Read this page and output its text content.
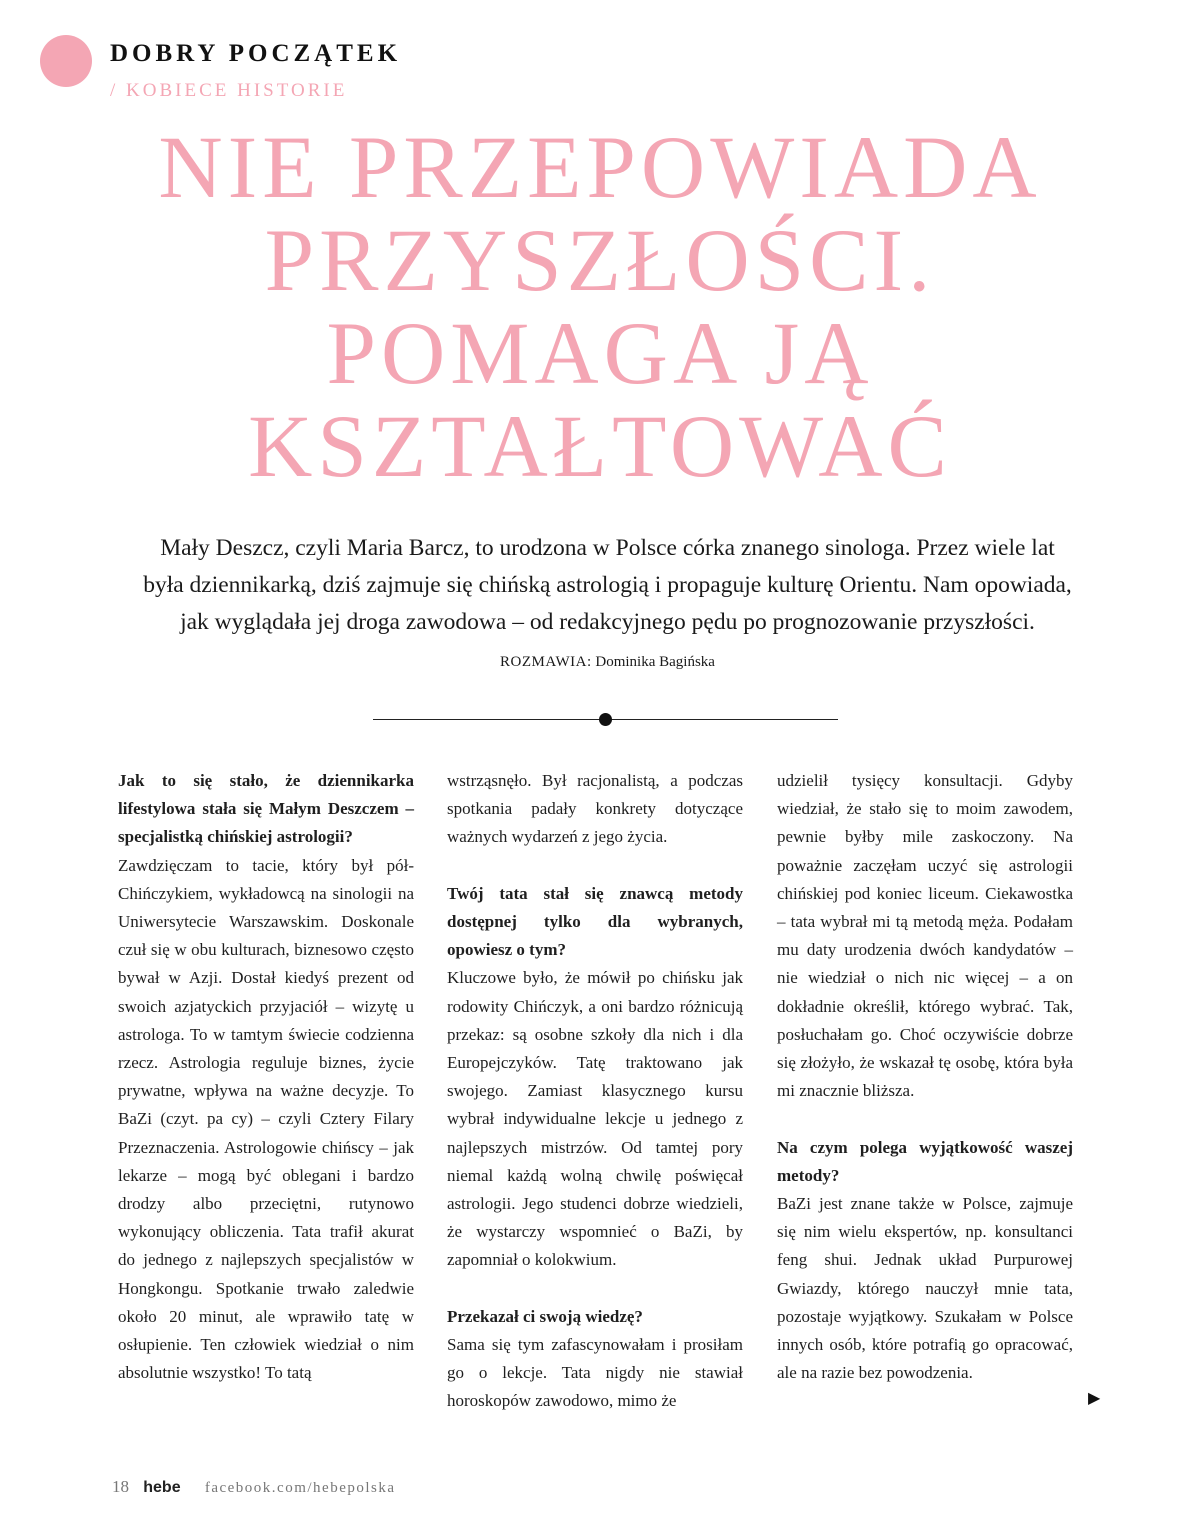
DOBRY POCZĄTEK
/ KOBIECE HISTORIE
NIE PRZEPOWIADA
PRZYSZŁOŚCI.
POMAGA JĄ
KSZTAŁTOWAĆ
Mały Deszcz, czyli Maria Barcz, to urodzona w Polsce córka znanego sinologa. Przez wiele lat była dziennikarką, dziś zajmuje się chińską astrologią i propaguje kulturę Orientu. Nam opowiada, jak wyglądała jej droga zawodowa – od redakcyjnego pędu po prognozowanie przyszłości. ROZMAWIA: Dominika Bagińska

Jak to się stało, że dziennikarka lifestylowa stała się Małym Deszczem – specjalistką chińskiej astrologii?

Zawdzięczam to tacie, który był pół-Chińczykiem, wykładowcą na sinologii na Uniwersytecie Warszawskim. Doskonale czuł się w obu kulturach, biznesowo często bywał w Azji. Dostał kiedyś prezent od swoich azjatyckich przyjaciół – wizytę u astrologa. To w tamtym świecie codzienna rzecz. Astrologia reguluje biznes, życie prywatne, wpływa na ważne decyzje. To BaZi (czyt. pa cy) – czyli Cztery Filary Przeznaczenia. Astrologowie chińscy – jak lekarze – mogą być oblegani i bardzo drodzy albo przeciętni, rutynowo wykonujący obliczenia. Tata trafił akurat do jednego z najlepszych specjalistów w Hongkongu. Spotkanie trwało zaledwie około 20 minut, ale wprawiło tatę w osłupienie. Ten człowiek wiedział o nim absolutnie wszystko! To tatą

wstrząsnęło. Był racjonalistą, a podczas spotkania padały konkrety dotyczące ważnych wydarzeń z jego życia.

Twój tata stał się znawcą metody dostępnej tylko dla wybranych, opowiesz o tym?

Kluczowe było, że mówił po chińsku jak rodowity Chińczyk, a oni bardzo różnicują przekaz: są osobne szkoły dla nich i dla Europejczyków. Tatę traktowano jak swojego. Zamiast klasycznego kursu wybrał indywidualne lekcje u jednego z najlepszych mistrzów. Od tamtej pory niemal każdą wolną chwilę poświęcał astrologii. Jego studenci dobrze wiedzieli, że wystarczy wspomnieć o BaZi, by zapomniał o kolokwium.

Przekazał ci swoją wiedzę?

Sama się tym zafascynowałam i prosiłam go o lekcje. Tata nigdy nie stawiał horoskopów zawodowo, mimo że

udzielił tysięcy konsultacji. Gdyby wiedział, że stało się to moim zawodem, pewnie byłby mile zaskoczony. Na poważnie zaczęłam uczyć się astrologii chińskiej pod koniec liceum. Ciekawostka – tata wybrał mi tą metodą męża. Podałam mu daty urodzenia dwóch kandydatów – nie wiedział o nich nic więcej – a on dokładnie określił, którego wybrać. Tak, posłuchałam go. Choć oczywiście dobrze się złożyło, że wskazał tę osobę, która była mi znacznie bliższa.

Na czym polega wyjątkowość waszej metody?

BaZi jest znane także w Polsce, zajmuje się nim wielu ekspertów, np. konsultanci feng shui. Jednak układ Purpurowej Gwiazdy, którego nauczył mnie tata, pozostaje wyjątkowy. Szukałam w Polsce innych osób, które potrafią go opracować, ale na razie bez powodzenia.

▶
18 hebe facebook.com/hebepolska
